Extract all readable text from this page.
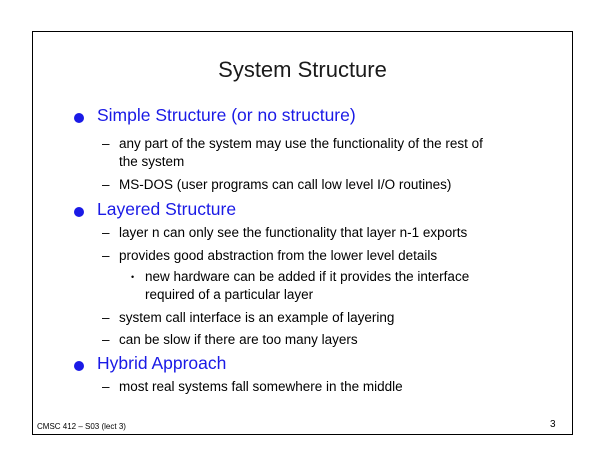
System Structure
Simple Structure (or no structure)
– any part of the system may use the functionality of the rest of
the system
– MS-DOS (user programs can call low level I/O routines)
Layered Structure
– layer n can only see the functionality that layer n-1 exports
– provides good abstraction from the lower level details
• new hardware can be added if it provides the interface
required of a particular layer
– system call interface is an example of layering
– can be slow if there are too many layers
Hybrid Approach
– most real systems fall somewhere in the middle
CMSC 412 – S03 (lect 3)	3
